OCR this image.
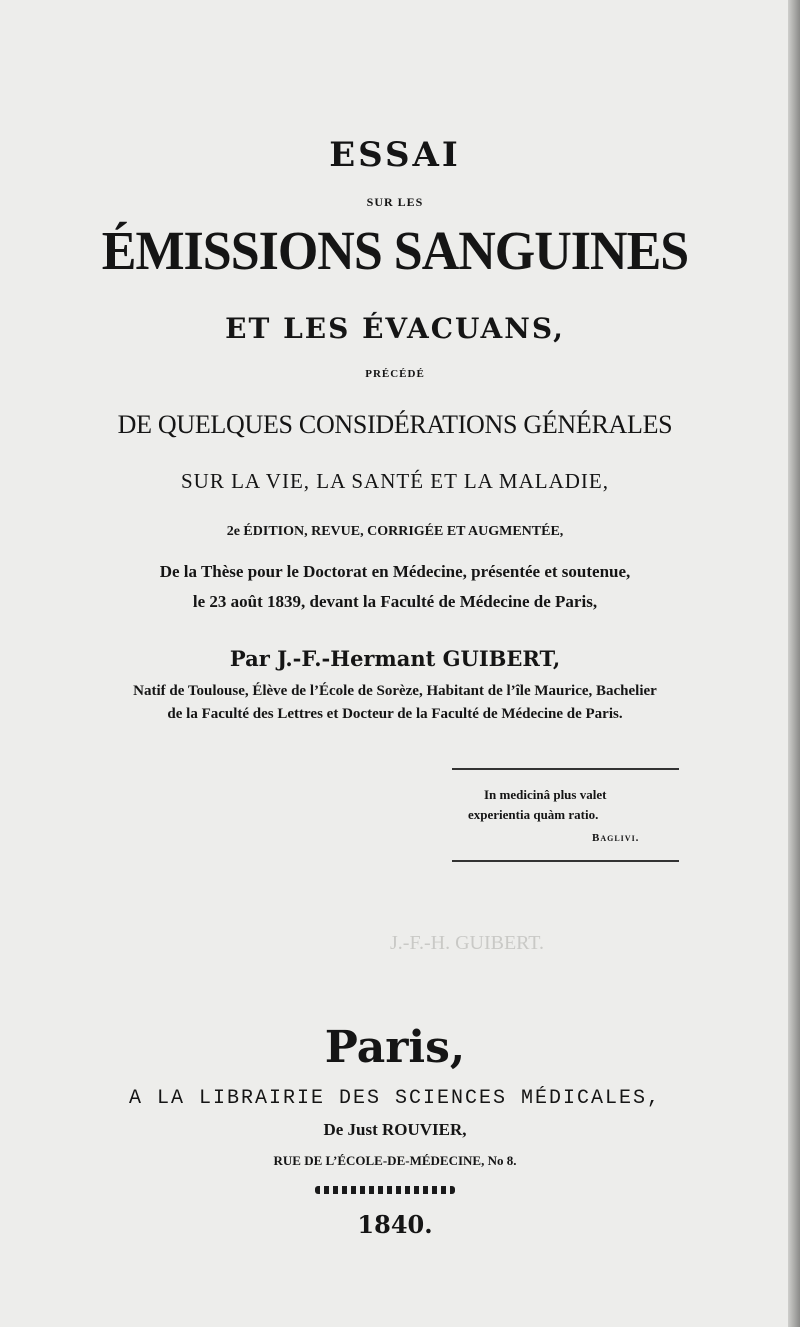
ESSAI
SUR LES
ÉMISSIONS SANGUINES
ET LES ÉVACUANS,
PRÉCÉDÉ
DE QUELQUES CONSIDÉRATIONS GÉNÉRALES
SUR LA VIE, LA SANTÉ ET LA MALADIE,
2e ÉDITION, REVUE, CORRIGÉE ET AUGMENTÉE,
De la Thèse pour le Doctorat en Médecine, présentée et soutenue,
le 23 août 1839, devant la Faculté de Médecine de Paris,
Par J.-F.-Hermant GUIBERT,
Natif de Toulouse, Élève de l’École de Sorèze, Habitant de l’île Maurice, Bachelier
de la Faculté des Lettres et Docteur de la Faculté de Médecine de Paris.
In medicinâ plus valet
experientia quàm ratio.
Baglivi.
J.-F.-H. GUIBERT.
Paris,
A LA LIBRAIRIE DES SCIENCES MÉDICALES,
De Just ROUVIER,
RUE DE L’ÉCOLE-DE-MÉDECINE, No 8.
1840.
